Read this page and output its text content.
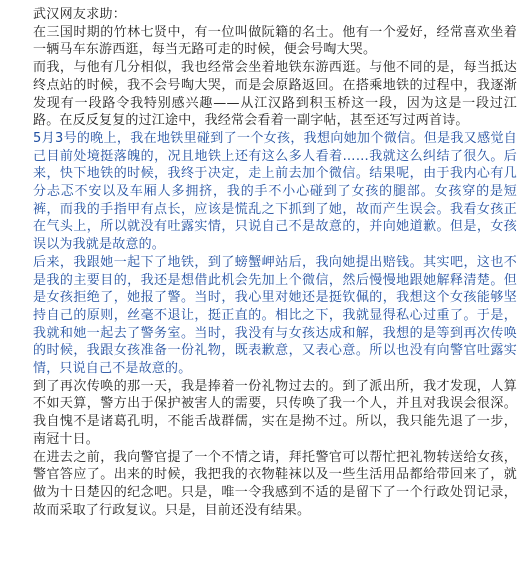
武汉网友求助：

在三国时期的竹林七贤中，有一位叫做阮籍的名士。他有一个爱好，经常喜欢坐着一辆马车东游西逛，每当无路可走的时候，便会号啕大哭。

而我，与他有几分相似，我也经常会坐着地铁东游西逛。与他不同的是，每当抵达终点站的时候，我不会号啕大哭，而是会原路返回。在搭乘地铁的过程中，我逐渐发现有一段路令我特别感兴趣——从江汉路到积玉桥这一段，因为这是一段过江路。在反反复复的过江途中，我经常会看着一副字帖，甚至还写过两首诗。

5月3号的晚上，我在地铁里碰到了一个女孩，我想向她加个微信。但是我又感觉自己目前处境挺落魄的，况且地铁上还有这么多人看着……我就这么纠结了很久。后来，快下地铁的时候，我终于决定，走上前去加个微信。结果呢，由于我内心有几分忐忑不安以及车厢人多拥挤，我的手不小心碰到了女孩的腿部。女孩穿的是短裤，而我的手指甲有点长，应该是慌乱之下抓到了她，故而产生误会。我看女孩正在气头上，所以就没有吐露实情，只说自己不是故意的，并向她道歉。但是，女孩误以为我就是故意的。

后来，我跟她一起下了地铁，到了螃蟹岬站后，我向她提出赔钱。其实吧，这也不是我的主要目的，我还是想借此机会先加上个微信，然后慢慢地跟她解释清楚。但是女孩拒绝了，她报了警。当时，我心里对她还是挺钦佩的，我想这个女孩能够坚持自己的原则，丝毫不退让，挺正直的。相比之下，我就显得私心过重了。于是，我就和她一起去了警务室。当时，我没有与女孩达成和解，我想的是等到再次传唤的时候，我跟女孩准备一份礼物，既表歉意，又表心意。所以也没有向警官吐露实情，只说自己不是故意的。

到了再次传唤的那一天，我是捧着一份礼物过去的。到了派出所，我才发现，人算不如天算，警方出于保护被害人的需要，只传唤了我一个人，并且对我误会很深。我自愧不是诸葛孔明，不能舌战群儒，实在是拗不过。所以，我只能先退了一步，南冠十日。

在进去之前，我向警官提了一个不情之请，拜托警官可以帮忙把礼物转送给女孩，警官答应了。出来的时候，我把我的衣物鞋袜以及一些生活用品都给带回来了，就做为十日楚囚的纪念吧。只是，唯一令我感到不适的是留下了一个行政处罚记录，故而采取了行政复议。只是，目前还没有结果。
